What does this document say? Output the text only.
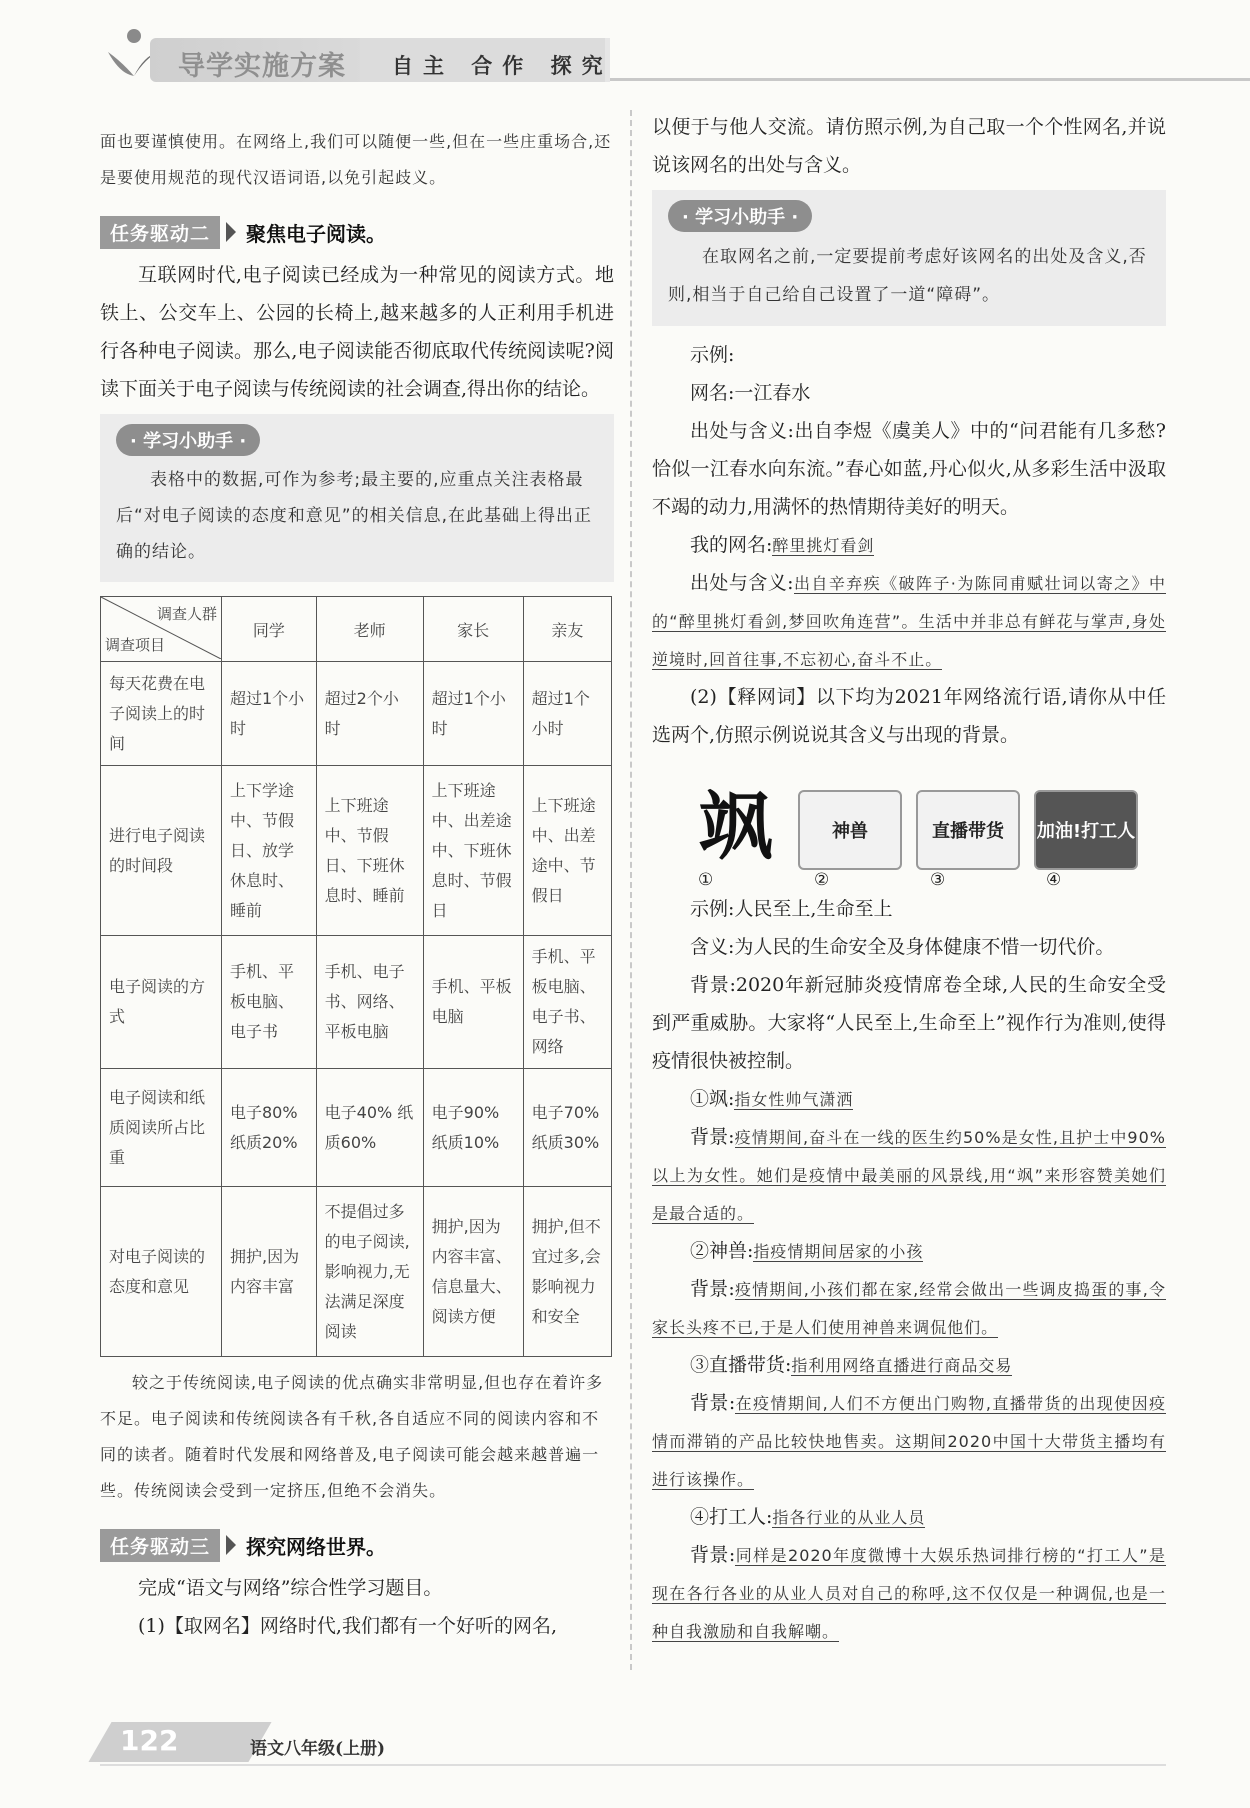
导学实施方案 自主 合作 探究

面也要谨慎使用。在网络上,我们可以随便一些,但在一些庄重场合,还是要使用规范的现代汉语词语,以免引起歧义。

任务驱动二	聚焦电子阅读。

互联网时代,电子阅读已经成为一种常见的阅读方式。地铁上、公交车上、公园的长椅上,越来越多的人正利用手机进行各种电子阅读。那么,电子阅读能否彻底取代传统阅读呢?阅读下面关于电子阅读与传统阅读的社会调查,得出你的结论。

· 学习小助手 ·

表格中的数据,可作为参考;最主要的,应重点关注表格最后“对电子阅读的态度和意见”的相关信息,在此基础上得出正确的结论。

调查人群
调查项目	同学	老师	家长	亲友
每天花费在电子阅读上的时间	超过1个小时	超过2个小时	超过1个小时	超过1个小时
进行电子阅读的时间段	上下学途中、节假日、放学休息时、睡前	上下班途中、节假日、下班休息时、睡前	上下班途中、出差途中、下班休息时、节假日	上下班途中、出差途中、节假日
电子阅读的方式	手机、平板电脑、电子书	手机、电子书、网络、平板电脑	手机、平板电脑	手机、平板电脑、电子书、网络
电子阅读和纸质阅读所占比重	电子80% 纸质20%	电子40% 纸质60%	电子90% 纸质10%	电子70% 纸质30%
对电子阅读的态度和意见	拥护,因为内容丰富	不提倡过多的电子阅读,影响视力,无法满足深度阅读	拥护,因为内容丰富、信息量大、阅读方便	拥护,但不宜过多,会影响视力和安全

较之于传统阅读,电子阅读的优点确实非常明显,但也存在着许多不足。电子阅读和传统阅读各有千秋,各自适应不同的阅读内容和不同的读者。随着时代发展和网络普及,电子阅读可能会越来越普遍一些。传统阅读会受到一定挤压,但绝不会消失。

任务驱动三	探究网络世界。

完成“语文与网络”综合性学习题目。

(1)【取网名】网络时代,我们都有一个好听的网名,

以便于与他人交流。请仿照示例,为自己取一个个性网名,并说说该网名的出处与含义。

· 学习小助手 ·

在取网名之前,一定要提前考虑好该网名的出处及含义,否则,相当于自己给自己设置了一道“障碍”。

示例:

网名:一江春水

出处与含义:出自李煜《虞美人》中的“问君能有几多愁?恰似一江春水向东流。”春心如蓝,丹心似火,从多彩生活中汲取不竭的动力,用满怀的热情期待美好的明天。

我的网名:醉里挑灯看剑

出处与含义:出自辛弃疾《破阵子·为陈同甫赋壮词以寄之》中的“醉里挑灯看剑,梦回吹角连营”。生活中并非总有鲜花与掌声,身处逆境时,回首往事,不忘初心,奋斗不止。

(2)【释网词】以下均为2021年网络流行语,请你从中任选两个,仿照示例说说其含义与出现的背景。

飒	神兽	直播带货	加油!打工人
①	②	③	④

示例:人民至上,生命至上

含义:为人民的生命安全及身体健康不惜一切代价。

背景:2020年新冠肺炎疫情席卷全球,人民的生命安全受到严重威胁。大家将“人民至上,生命至上”视作行为准则,使得疫情很快被控制。

①飒:指女性帅气潇洒

背景:疫情期间,奋斗在一线的医生约50%是女性,且护士中90%以上为女性。她们是疫情中最美丽的风景线,用“飒”来形容赞美她们是最合适的。

②神兽:指疫情期间居家的小孩

背景:疫情期间,小孩们都在家,经常会做出一些调皮捣蛋的事,令家长头疼不已,于是人们使用神兽来调侃他们。

③直播带货:指利用网络直播进行商品交易

背景:在疫情期间,人们不方便出门购物,直播带货的出现使因疫情而滞销的产品比较快地售卖。这期间2020中国十大带货主播均有进行该操作。

④打工人:指各行业的从业人员

背景:同样是2020年度微博十大娱乐热词排行榜的“打工人”是现在各行各业的从业人员对自己的称呼,这不仅仅是一种调侃,也是一种自我激励和自我解嘲。

122	语文八年级(上册)
